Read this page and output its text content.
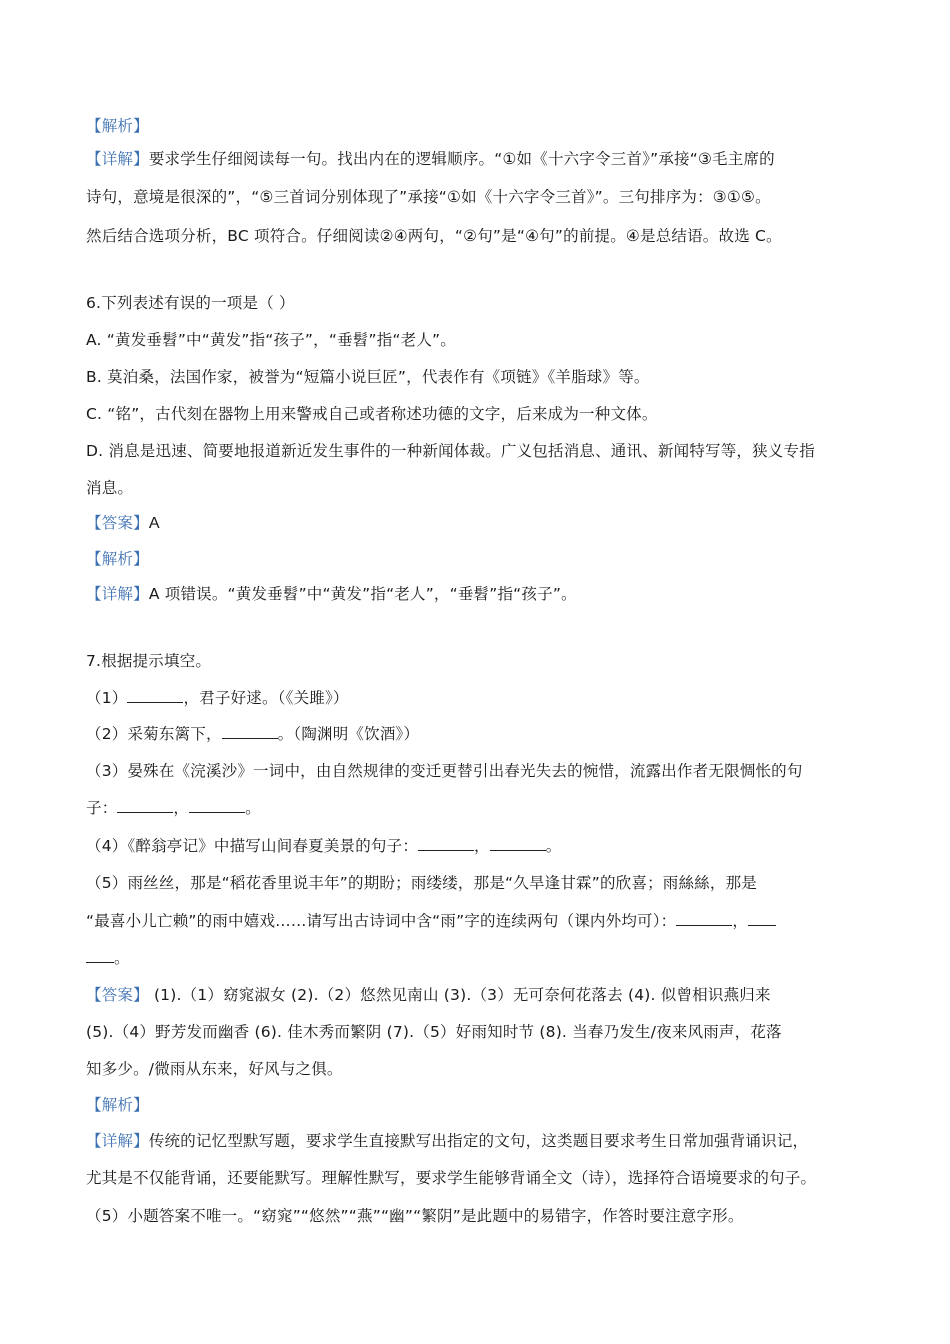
【解析】
【详解】要求学生仔细阅读每一句。找出内在的逻辑顺序。“①如《十六字令三首》”承接“③毛主席的
诗句，意境是很深的”，“⑤三首词分别体现了”承接“①如《十六字令三首》”。三句排序为：③①⑤。
然后结合选项分析，BC 项符合。仔细阅读②④两句，“②句”是“④句”的前提。④是总结语。故选 C。
6.下列表述有误的一项是（ ）
A. “黄发垂髫”中“黄发”指“孩子”，“垂髫”指“老人”。
B. 莫泊桑，法国作家，被誉为“短篇小说巨匠”，代表作有《项链》《羊脂球》等。
C. “铭”，古代刻在器物上用来警戒自己或者称述功德的文字，后来成为一种文体。
D. 消息是迅速、简要地报道新近发生事件的一种新闻体裁。广义包括消息、通讯、新闻特写等，狭义专指
消息。
【答案】A
【解析】
【详解】A 项错误。“黄发垂髫”中“黄发”指“老人”，“垂髫”指“孩子”。
7.根据提示填空。
（1）	，君子好逑。（《关雎》）
（2）采菊东篱下，	。（陶渊明《饮酒》）
（3）晏殊在《浣溪沙》一词中，由自然规律的变迁更替引出春光失去的惋惜，流露出作者无限惆怅的句
子：	，	。
（4）《醉翁亭记》中描写山间春夏美景的句子：	，	。
（5）雨丝丝，那是“稻花香里说丰年”的期盼；雨缕缕，那是“久旱逢甘霖”的欣喜；雨絲絲，那是
“最喜小儿亡赖”的雨中嬉戏……请写出古诗词中含“雨”字的连续两句（课内外均可）：	，
。
【答案】 (1).（1）窈窕淑女 (2).（2）悠然见南山 (3).（3）无可奈何花落去 (4). 似曾相识燕归来
(5).（4）野芳发而幽香 (6). 佳木秀而繁阴 (7).（5）好雨知时节 (8). 当春乃发生/夜来风雨声，花落
知多少。/微雨从东来，好风与之俱。
【解析】
【详解】传统的记忆型默写题，要求学生直接默写出指定的文句，这类题目要求考生日常加强背诵识记，
尤其是不仅能背诵，还要能默写。理解性默写，要求学生能够背诵全文（诗），选择符合语境要求的句子。
（5）小题答案不唯一。“窈窕”“悠然”“燕”“幽”“繁阴”是此题中的易错字，作答时要注意字形。
